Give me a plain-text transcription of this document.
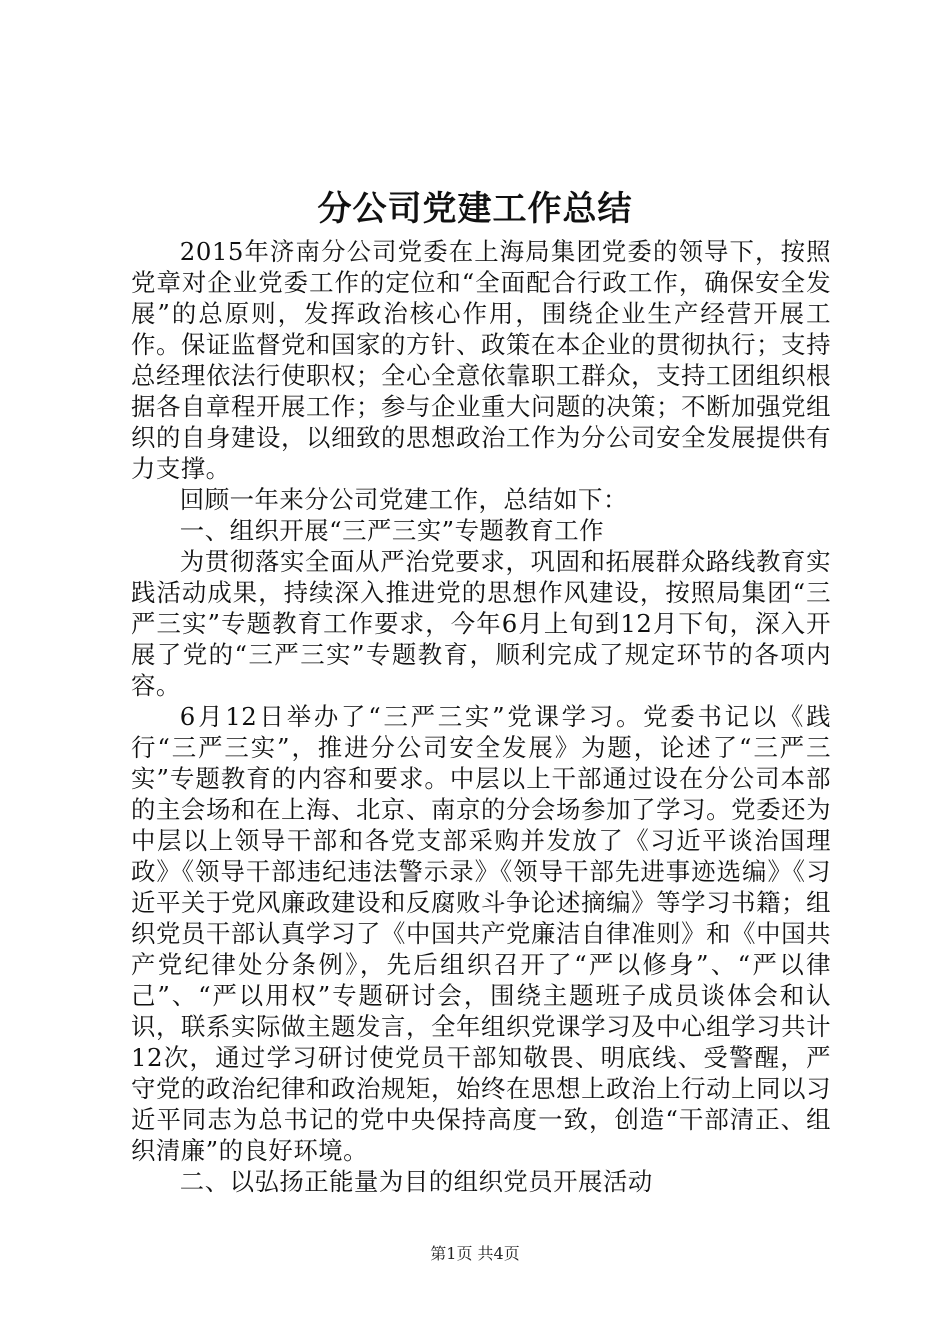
分公司党建工作总结

2015年济南分公司党委在上海局集团党委的领导下，按照党章对企业党委工作的定位和“全面配合行政工作，确保安全发展”的总原则，发挥政治核心作用，围绕企业生产经营开展工作。保证监督党和国家的方针、政策在本企业的贯彻执行；支持总经理依法行使职权；全心全意依靠职工群众，支持工团组织根据各自章程开展工作；参与企业重大问题的决策；不断加强党组织的自身建设，以细致的思想政治工作为分公司安全发展提供有力支撑。

回顾一年来分公司党建工作，总结如下：

一、组织开展“三严三实”专题教育工作

为贯彻落实全面从严治党要求，巩固和拓展群众路线教育实践活动成果，持续深入推进党的思想作风建设，按照局集团“三严三实”专题教育工作要求，今年6月上旬到12月下旬，深入开展了党的“三严三实”专题教育，顺利完成了规定环节的各项内容。

6月12日举办了“三严三实”党课学习。党委书记以《践行“三严三实”，推进分公司安全发展》为题，论述了“三严三实”专题教育的内容和要求。中层以上干部通过设在分公司本部的主会场和在上海、北京、南京的分会场参加了学习。党委还为中层以上领导干部和各党支部采购并发放了《习近平谈治国理政》《领导干部违纪违法警示录》《领导干部先进事迹选编》《习近平关于党风廉政建设和反腐败斗争论述摘编》等学习书籍；组织党员干部认真学习了《中国共产党廉洁自律准则》和《中国共产党纪律处分条例》，先后组织召开了“严以修身”、“严以律己”、“严以用权”专题研讨会，围绕主题班子成员谈体会和认识，联系实际做主题发言，全年组织党课学习及中心组学习共计12次，通过学习研讨使党员干部知敬畏、明底线、受警醒，严守党的政治纪律和政治规矩，始终在思想上政治上行动上同以习近平同志为总书记的党中央保持高度一致，创造“干部清正、组织清廉”的良好环境。

二、以弘扬正能量为目的组织党员开展活动

第1页 共4页
